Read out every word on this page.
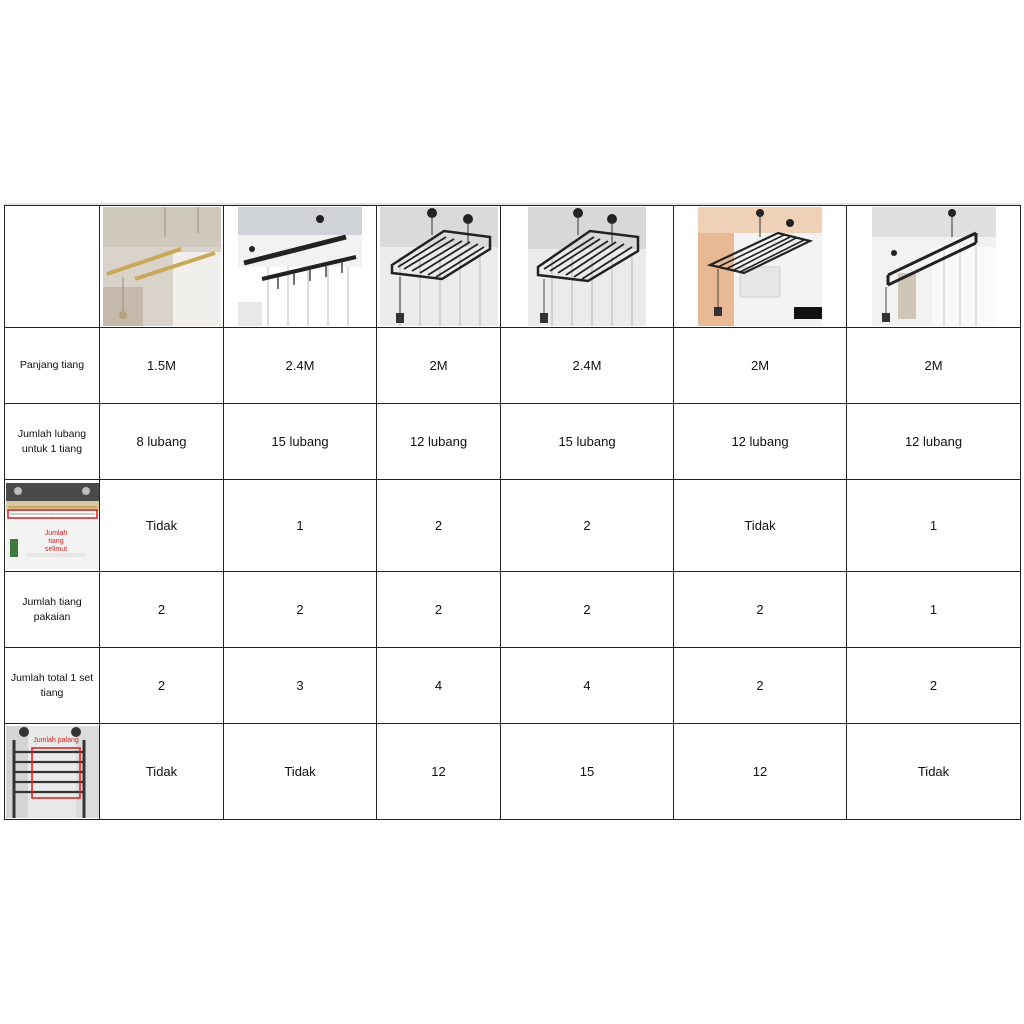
Panjang tiang	1.5M	2.4M	2M	2.4M	2M	2M
Jumlah lubang untuk 1 tiang	8 lubang	15 lubang	12 lubang	15 lubang	12 lubang	12 lubang

Jumlah
tiang
selimut	Tidak	1	2	2	Tidak	1
Jumlah tiang pakaian	2	2	2	2	2	1
Jumlah total 1 set tiang	2	3	4	4	2	2

Jumlah palang	Tidak	Tidak	12	15	12	Tidak
